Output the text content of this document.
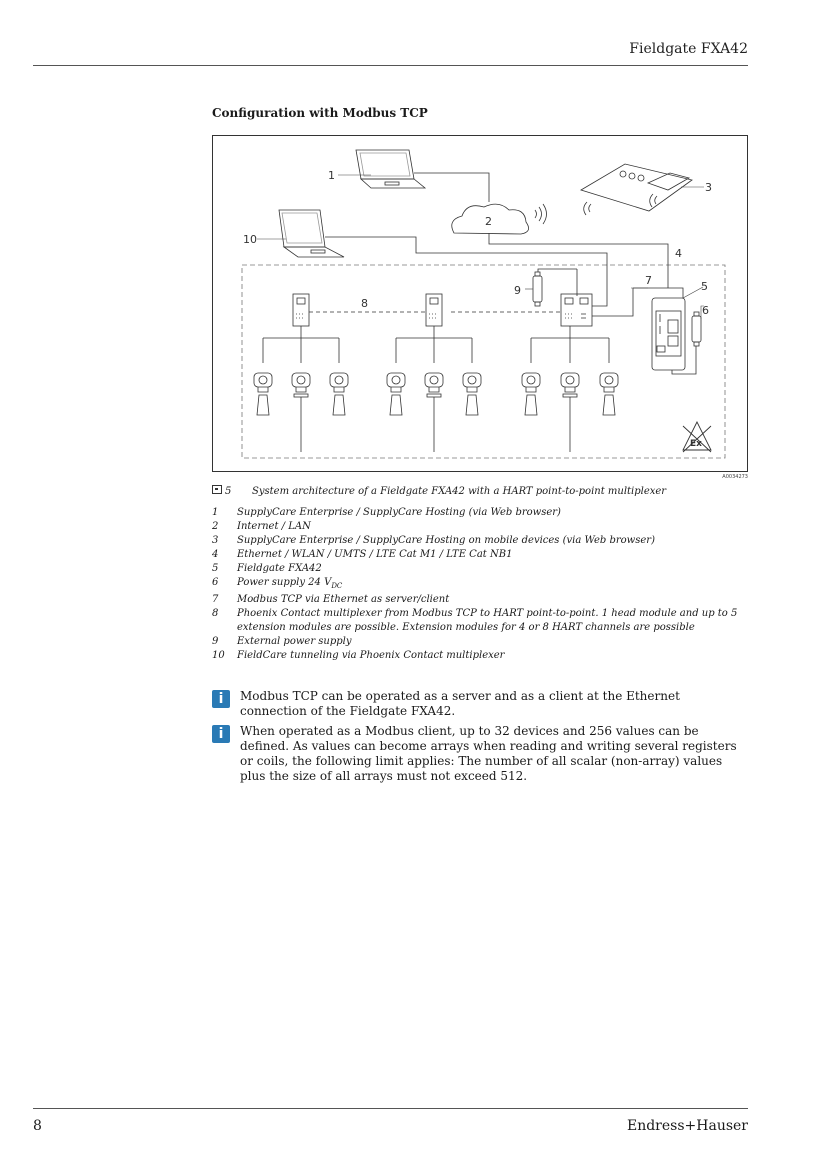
Fieldgate FXA42
Configuration with Modbus TCP
Ex
1
2
3
4
5
6
7
8
9
10
A0034273
5 System architecture of a Fieldgate FXA42 with a HART point-to-point multiplexer
1	SupplyCare Enterprise / SupplyCare Hosting (via Web browser)
2	Internet / LAN
3	SupplyCare Enterprise / SupplyCare Hosting on mobile devices (via Web browser)
4	Ethernet / WLAN / UMTS / LTE Cat M1 / LTE Cat NB1
5	Fieldgate FXA42
6	Power supply 24 $V_{DC}$
7	Modbus TCP via Ethernet as server/client
8	Phoenix Contact multiplexer from Modbus TCP to HART point-to-point. 1 head module and up to 5 extension modules are possible. Extension modules for 4 or 8 HART channels are possible
9	External power supply
10	FieldCare tunneling via Phoenix Contact multiplexer
i	Modbus TCP can be operated as a server and as a client at the Ethernet connection of the Fieldgate FXA42.
i	When operated as a Modbus client, up to 32 devices and 256 values can be defined. As values can become arrays when reading and writing several registers or coils, the following limit applies: The number of all scalar (non-array) values plus the size of all arrays must not exceed 512.
8	Endress+Hauser
